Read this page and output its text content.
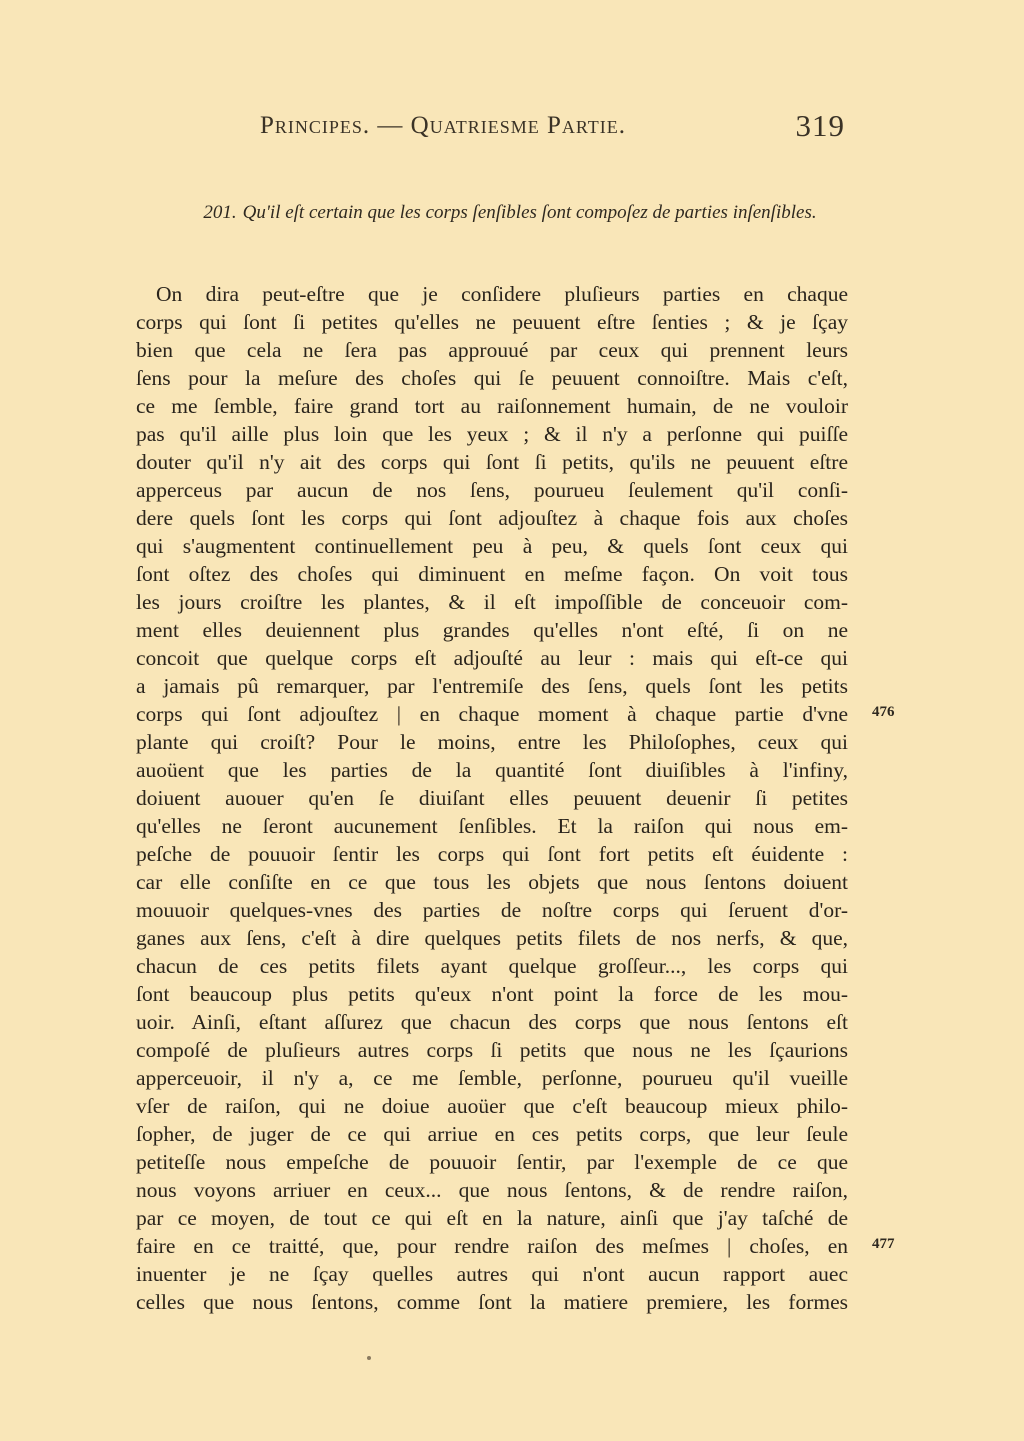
Principes. — Quatriesme Partie.	319
201. Qu'il eſt certain que les corps ſenſibles ſont compoſez de parties inſenſibles.
On dira peut-eſtre que je conſidere pluſieurs parties en chaque
corps qui ſont ſi petites qu'elles ne peuuent eſtre ſenties ; & je ſçay
bien que cela ne ſera pas approuué par ceux qui prennent leurs
ſens pour la meſure des choſes qui ſe peuuent connoiſtre. Mais c'eſt,
ce me ſemble, faire grand tort au raiſonnement humain, de ne vouloir
pas qu'il aille plus loin que les yeux ; & il n'y a perſonne qui puiſſe
douter qu'il n'y ait des corps qui ſont ſi petits, qu'ils ne peuuent eſtre
apperceus par aucun de nos ſens, pourueu ſeulement qu'il conſi-
dere quels ſont les corps qui ſont adjouſtez à chaque fois aux choſes
qui s'augmentent continuellement peu à peu, & quels ſont ceux qui
ſont oſtez des choſes qui diminuent en meſme façon. On voit tous
les jours croiſtre les plantes, & il eſt impoſſible de conceuoir com-
ment elles deuiennent plus grandes qu'elles n'ont eſté, ſi on ne
concoit que quelque corps eſt adjouſté au leur : mais qui eſt-ce qui
a jamais pû remarquer, par l'entremiſe des ſens, quels ſont les petits
corps qui ſont adjouſtez | en chaque moment à chaque partie d'vne
plante qui croiſt? Pour le moins, entre les Philoſophes, ceux qui
auoüent que les parties de la quantité ſont diuiſibles à l'infiny,
doiuent auouer qu'en ſe diuiſant elles peuuent deuenir ſi petites
qu'elles ne ſeront aucunement ſenſibles. Et la raiſon qui nous em-
peſche de pouuoir ſentir les corps qui ſont fort petits eſt éuidente :
car elle conſiſte en ce que tous les objets que nous ſentons doiuent
mouuoir quelques-vnes des parties de noſtre corps qui ſeruent d'or-
ganes aux ſens, c'eſt à dire quelques petits filets de nos nerfs, & que,
chacun de ces petits filets ayant quelque groſſeur..., les corps qui
ſont beaucoup plus petits qu'eux n'ont point la force de les mou-
uoir. Ainſi, eſtant aſſurez que chacun des corps que nous ſentons eſt
compoſé de pluſieurs autres corps ſi petits que nous ne les ſçaurions
apperceuoir, il n'y a, ce me ſemble, perſonne, pourueu qu'il vueille
vſer de raiſon, qui ne doiue auoüer que c'eſt beaucoup mieux philo-
ſopher, de juger de ce qui arriue en ces petits corps, que leur ſeule
petiteſſe nous empeſche de pouuoir ſentir, par l'exemple de ce que
nous voyons arriuer en ceux... que nous ſentons, & de rendre raiſon,
par ce moyen, de tout ce qui eſt en la nature, ainſi que j'ay taſché de
faire en ce traitté, que, pour rendre raiſon des meſmes | choſes, en
inuenter je ne ſçay quelles autres qui n'ont aucun rapport auec
celles que nous ſentons, comme ſont la matiere premiere, les formes
476
477
